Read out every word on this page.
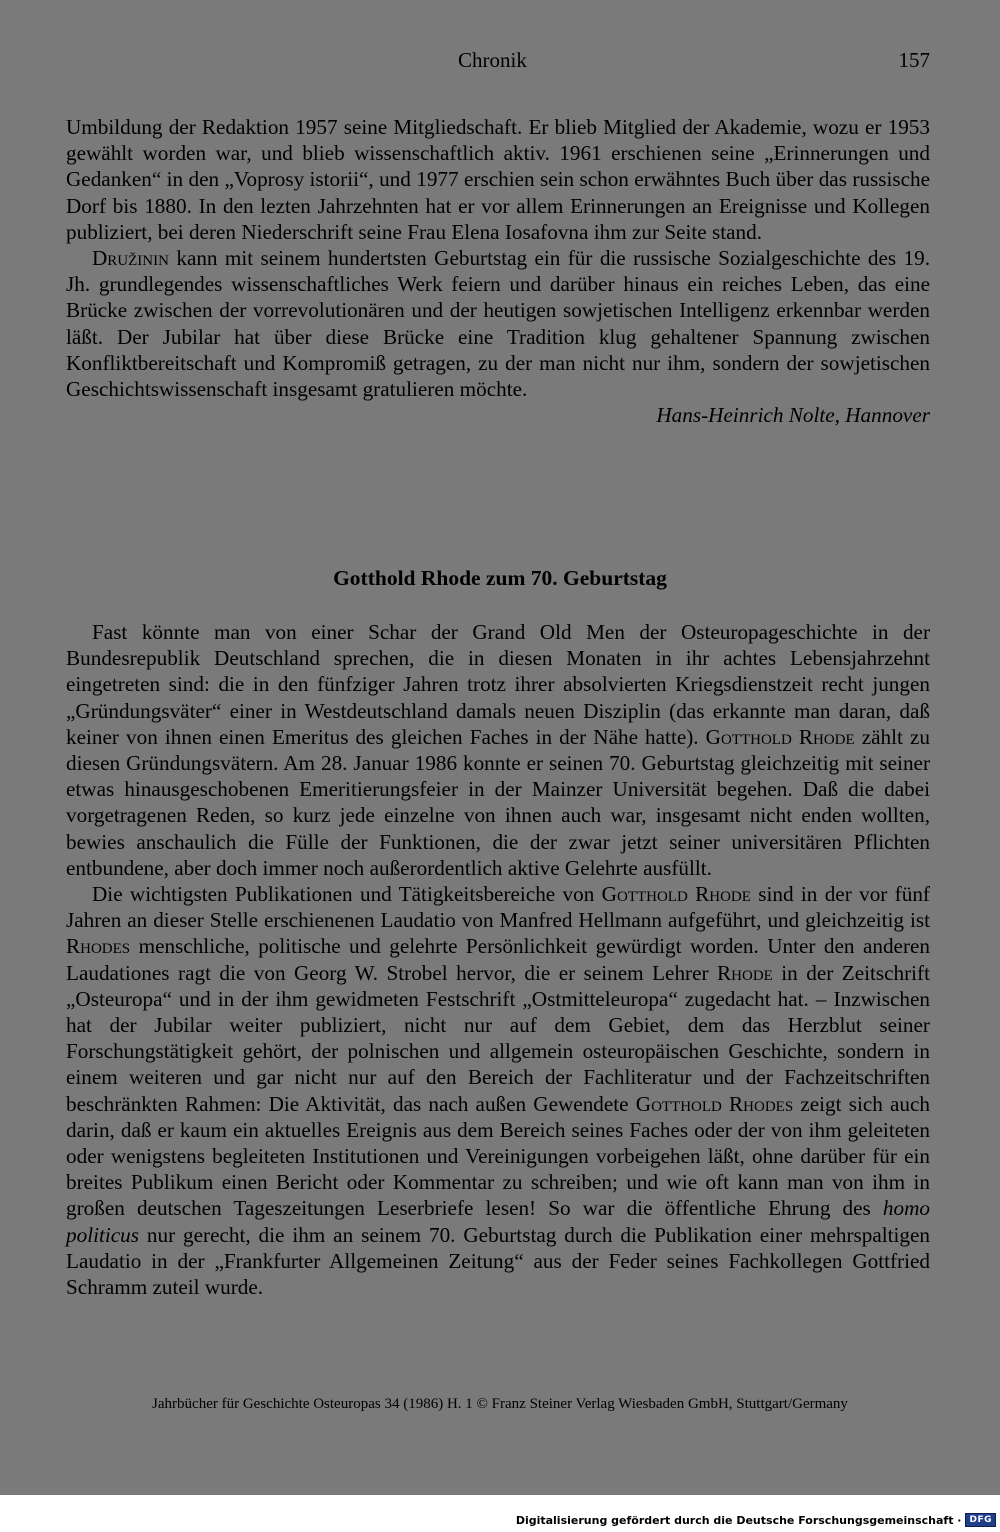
Chronik	157

Umbildung der Redaktion 1957 seine Mitgliedschaft. Er blieb Mitglied der Akademie, wozu er 1953 gewählt worden war, und blieb wissenschaftlich aktiv. 1961 erschienen seine „Erinnerungen und Gedanken“ in den „Voprosy istorii“, und 1977 erschien sein schon erwähntes Buch über das russische Dorf bis 1880. In den lezten Jahrzehnten hat er vor allem Erinnerungen an Ereignisse und Kollegen publiziert, bei deren Niederschrift seine Frau Elena Iosafovna ihm zur Seite stand.

Družinin kann mit seinem hundertsten Geburtstag ein für die russische Sozialgeschichte des 19. Jh. grundlegendes wissenschaftliches Werk feiern und darüber hinaus ein reiches Leben, das eine Brücke zwischen der vorrevolutionären und der heutigen sowjetischen Intelligenz erkennbar werden läßt. Der Jubilar hat über diese Brücke eine Tradition klug gehaltener Spannung zwischen Konfliktbereitschaft und Kompromiß getragen, zu der man nicht nur ihm, sondern der sowjetischen Geschichtswissenschaft insgesamt gratulieren möchte.

Hans-Heinrich Nolte, Hannover

Gotthold Rhode zum 70. Geburtstag

Fast könnte man von einer Schar der Grand Old Men der Osteuropageschichte in der Bundesrepublik Deutschland sprechen, die in diesen Monaten in ihr achtes Lebensjahrzehnt eingetreten sind: die in den fünfziger Jahren trotz ihrer absolvierten Kriegsdienstzeit recht jungen „Gründungsväter“ einer in Westdeutschland damals neuen Disziplin (das erkannte man daran, daß keiner von ihnen einen Emeritus des gleichen Faches in der Nähe hatte). Gotthold Rhode zählt zu diesen Gründungsvätern. Am 28. Januar 1986 konnte er seinen 70. Geburtstag gleichzeitig mit seiner etwas hinausgeschobenen Emeritierungsfeier in der Mainzer Universität begehen. Daß die dabei vorgetragenen Reden, so kurz jede einzelne von ihnen auch war, insgesamt nicht enden wollten, bewies anschaulich die Fülle der Funktionen, die der zwar jetzt seiner universitären Pflichten entbundene, aber doch immer noch außerordentlich aktive Gelehrte ausfüllt.

Die wichtigsten Publikationen und Tätigkeitsbereiche von Gotthold Rhode sind in der vor fünf Jahren an dieser Stelle erschienenen Laudatio von Manfred Hellmann aufgeführt, und gleichzeitig ist Rhodes menschliche, politische und gelehrte Persönlichkeit gewürdigt worden. Unter den anderen Laudationes ragt die von Georg W. Strobel hervor, die er seinem Lehrer Rhode in der Zeitschrift „Osteuropa“ und in der ihm gewidmeten Festschrift „Ostmitteleuropa“ zugedacht hat. – Inzwischen hat der Jubilar weiter publiziert, nicht nur auf dem Gebiet, dem das Herzblut seiner Forschungstätigkeit gehört, der polnischen und allgemein osteuropäischen Geschichte, sondern in einem weiteren und gar nicht nur auf den Bereich der Fachliteratur und der Fachzeitschriften beschränkten Rahmen: Die Aktivität, das nach außen Gewendete Gotthold Rhodes zeigt sich auch darin, daß er kaum ein aktuelles Ereignis aus dem Bereich seines Faches oder der von ihm geleiteten oder wenigstens begleiteten Institutionen und Vereinigungen vorbeigehen läßt, ohne darüber für ein breites Publikum einen Bericht oder Kommentar zu schreiben; und wie oft kann man von ihm in großen deutschen Tageszeitungen Leserbriefe lesen! So war die öffentliche Ehrung des homo politicus nur gerecht, die ihm an seinem 70. Geburtstag durch die Publikation einer mehrspaltigen Laudatio in der „Frankfurter Allgemeinen Zeitung“ aus der Feder seines Fachkollegen Gottfried Schramm zuteil wurde.

Jahrbücher für Geschichte Osteuropas 34 (1986) H. 1 © Franz Steiner Verlag Wiesbaden GmbH, Stuttgart/Germany
Digitalisierung gefördert durch die Deutsche Forschungsgemeinschaft · DFG
